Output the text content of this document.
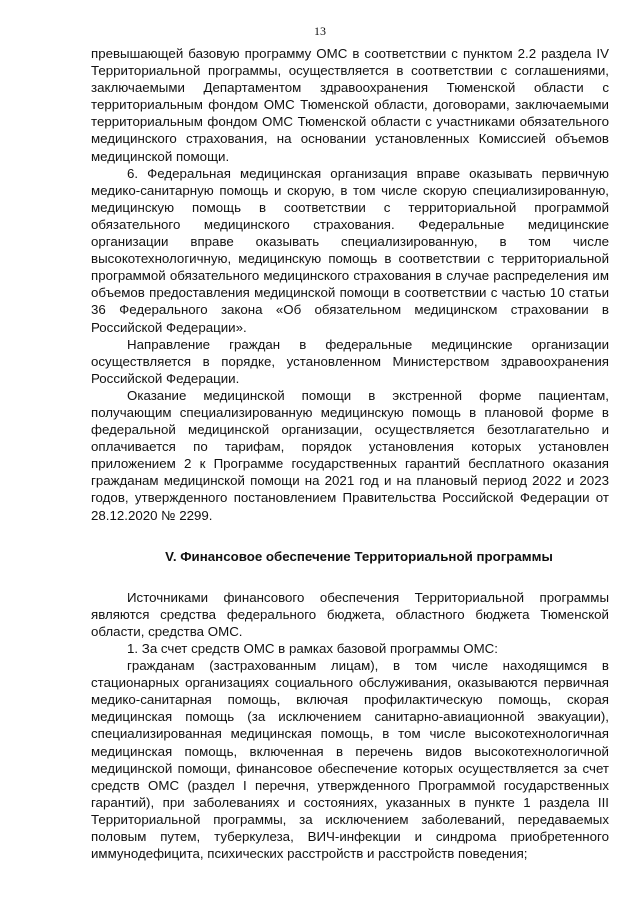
13

превышающей базовую программу ОМС в соответствии с пунктом 2.2 раздела IV Территориальной программы, осуществляется в соответствии с соглашениями, заключаемыми Департаментом здравоохранения Тюменской области с территориальным фондом ОМС Тюменской области, договорами, заключаемыми территориальным фондом ОМС Тюменской области с участниками обязательного медицинского страхования, на основании установленных Комиссией объемов медицинской помощи.

6. Федеральная медицинская организация вправе оказывать первичную медико-санитарную помощь и скорую, в том числе скорую специализированную, медицинскую помощь в соответствии с территориальной программой обязательного медицинского страхования. Федеральные медицинские организации вправе оказывать специализированную, в том числе высокотехнологичную, медицинскую помощь в соответствии с территориальной программой обязательного медицинского страхования в случае распределения им объемов предоставления медицинской помощи в соответствии с частью 10 статьи 36 Федерального закона «Об обязательном медицинском страховании в Российской Федерации».

Направление граждан в федеральные медицинские организации осуществляется в порядке, установленном Министерством здравоохранения Российской Федерации.

Оказание медицинской помощи в экстренной форме пациентам, получающим специализированную медицинскую помощь в плановой форме в федеральной медицинской организации, осуществляется безотлагательно и оплачивается по тарифам, порядок установления которых установлен приложением 2 к Программе государственных гарантий бесплатного оказания гражданам медицинской помощи на 2021 год и на плановый период 2022 и 2023 годов, утвержденного постановлением Правительства Российской Федерации от 28.12.2020 № 2299.

V. Финансовое обеспечение Территориальной программы

Источниками финансового обеспечения Территориальной программы являются средства федерального бюджета, областного бюджета Тюменской области, средства ОМС.

1. За счет средств ОМС в рамках базовой программы ОМС:

гражданам (застрахованным лицам), в том числе находящимся в стационарных организациях социального обслуживания, оказываются первичная медико-санитарная помощь, включая профилактическую помощь, скорая медицинская помощь (за исключением санитарно-авиационной эвакуации), специализированная медицинская помощь, в том числе высокотехнологичная медицинская помощь, включенная в перечень видов высокотехнологичной медицинской помощи, финансовое обеспечение которых осуществляется за счет средств ОМС (раздел I перечня, утвержденного Программой государственных гарантий), при заболеваниях и состояниях, указанных в пункте 1 раздела III Территориальной программы, за исключением заболеваний, передаваемых половым путем, туберкулеза, ВИЧ-инфекции и синдрома приобретенного иммунодефицита, психических расстройств и расстройств поведения;
